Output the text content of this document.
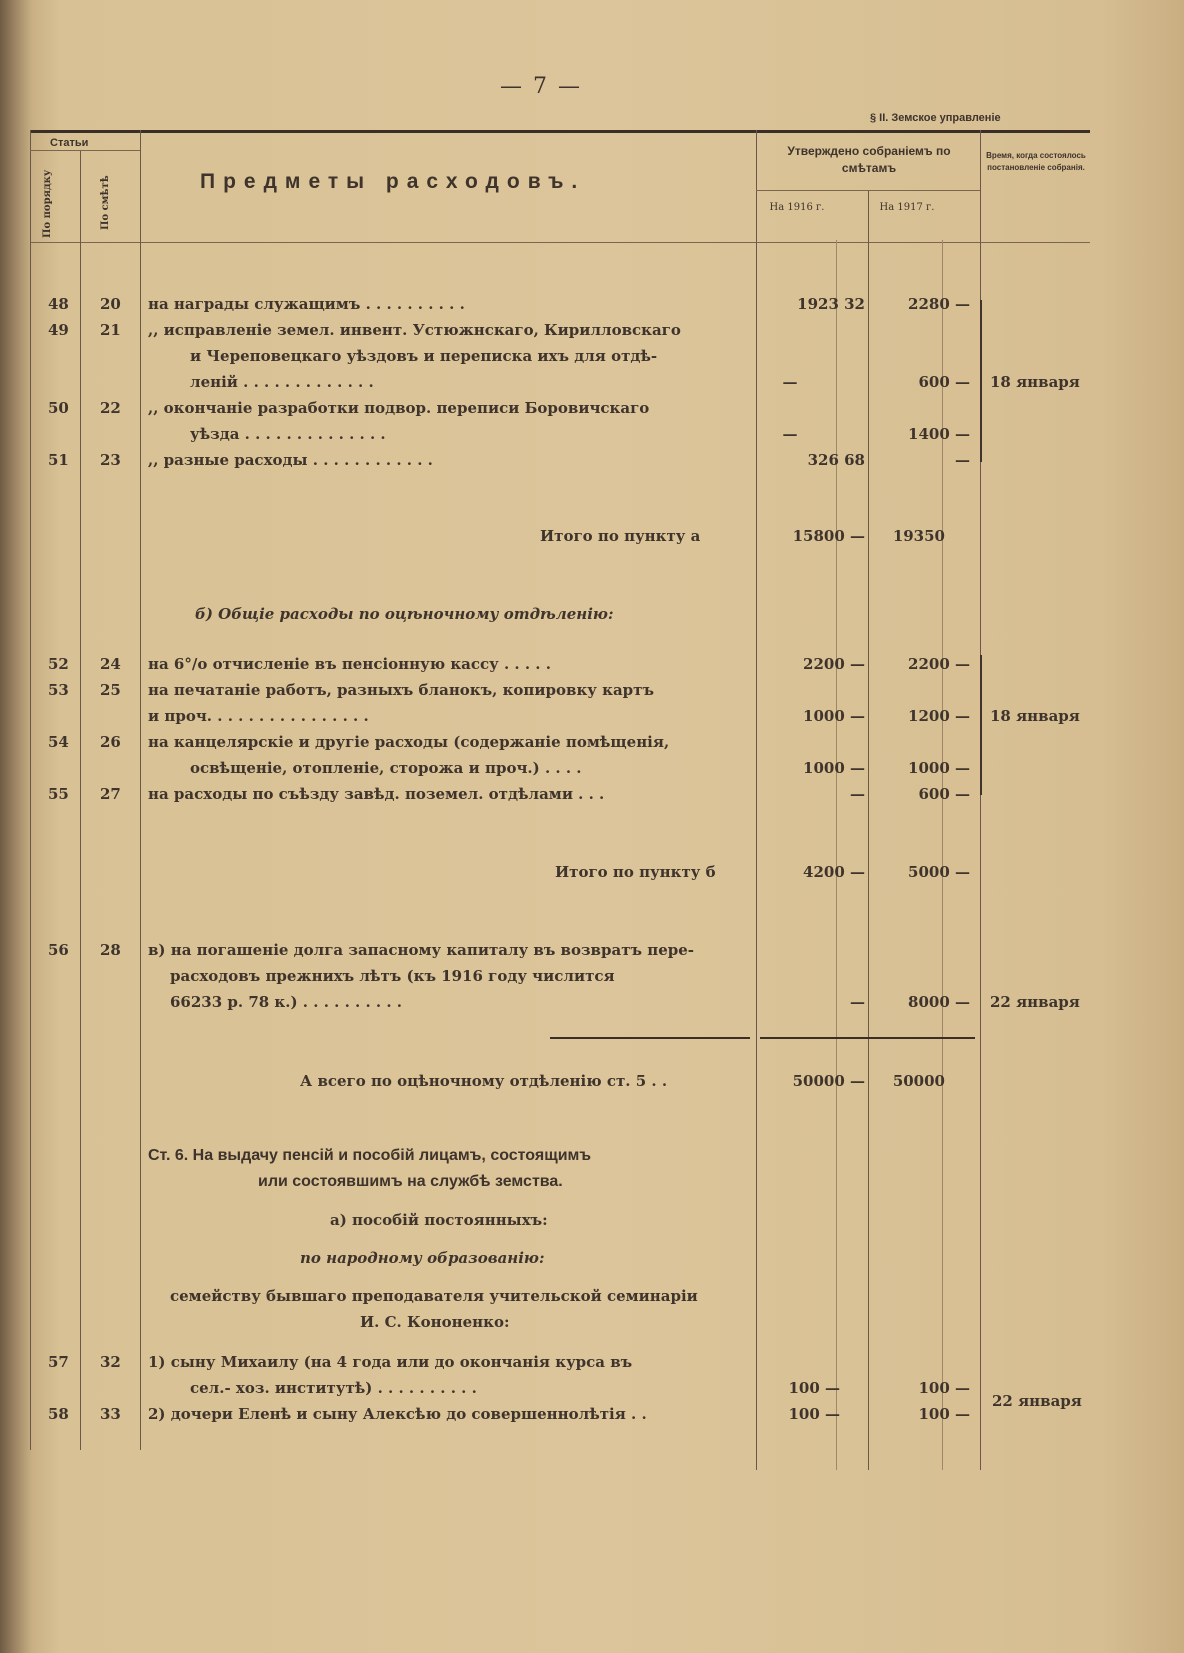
— 7 —
§ II. Земское управленіе
Статьи
По порядку	По смѣтѣ	Предметы расходовъ.
Утверждено собраніемъ по смѣтамъ
На 1916 г.	На 1917 г.
Время, когда состоялось постановленіе собранія.
48 20 на награды служащимъ . . . . . . . . . .	1923 32	2280 —
49 21 ,, исправленіе земел. инвент. Устюжнскаго, Кирилловскаго
и Череповецкаго уѣздовъ и переписка ихъ для отдѣ-
леній . . . . . . . . . . . . .	—	600 —
50 22 ,, окончаніе разработки подвор. переписи Боровичскаго
уѣзда . . . . . . . . . . . . . .	—	1400 —
51 23 ,, разные расходы . . . . . . . . . . . .	326 68	—
18 января
Итого по пункту а	15800 —	19350
б) Общіе расходы по оцѣночному отдѣленію:
52 24 на 6°/о отчисленіе въ пенсіонную кассу . . . . .	2200 —	2200 —
53 25 на печатаніе работъ, разныхъ бланокъ, копировку картъ
и проч. . . . . . . . . . . . . . . .	1000 —	1200 —
54 26 на канцелярскіе и другіе расходы (содержаніе помѣщенія,
освѣщеніе, отопленіе, сторожа и проч.) . . . .	1000 —	1000 —
55 27 на расходы по съѣзду завѣд. поземел. отдѣлами . . .	—	600 —
18 января
Итого по пункту б	4200 —	5000 —
56 28 в) на погашеніе долга запасному капиталу въ возвратъ пере-
расходовъ прежнихъ лѣтъ (къ 1916 году числится
66233 р. 78 к.) . . . . . . . . . .	—	8000 — 22 января
А всего по оцѣночному отдѣленію ст. 5 . .	50000 —	50000
Ст. 6. На выдачу пенсій и пособій лицамъ, состоящимъ
или состоявшимъ на службѣ земства.
а) пособій постоянныхъ:
по народному образованію:
семейству бывшаго преподавателя учительской семинаріи
И. С. Кононенко:
57 32 1) сыну Михаилу (на 4 года или до окончанія курса въ
сел.- хоз. институтѣ) . . . . . . . . . .	100 —	100 —
58 33 2) дочери Еленѣ и сыну Алексѣю до совершеннолѣтія . .	100 —	100 —
22 января
